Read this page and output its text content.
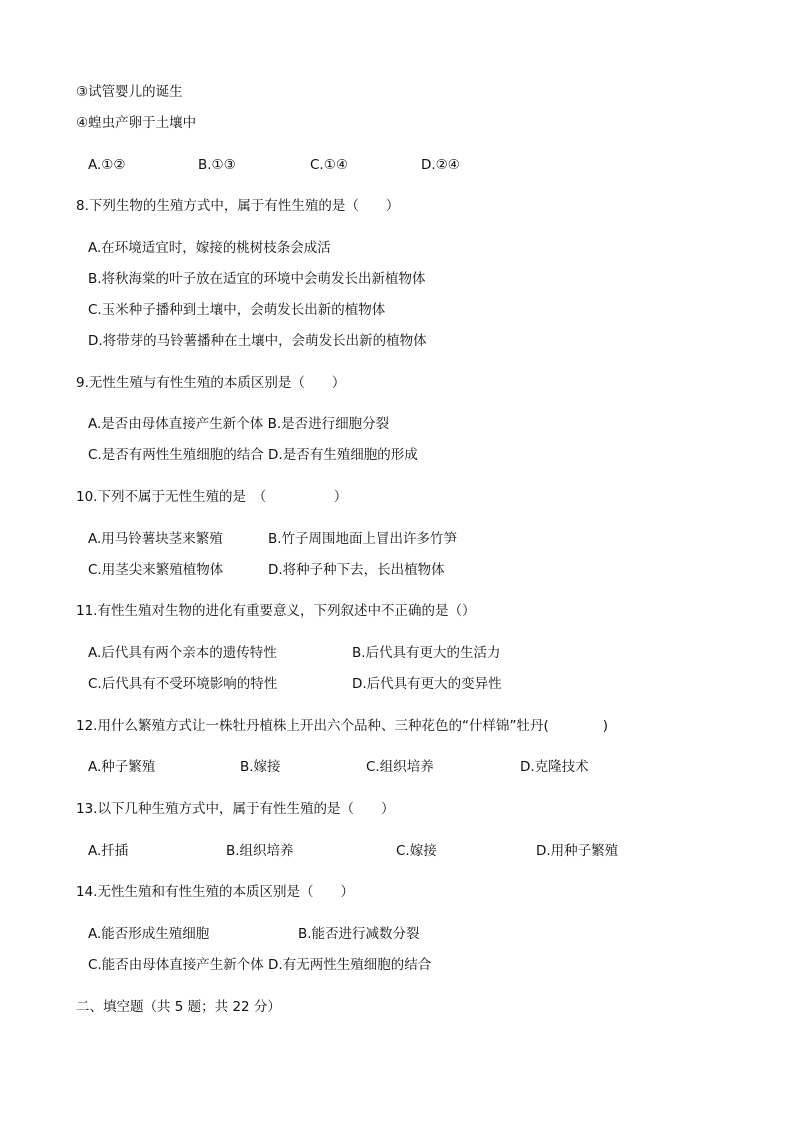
③试管婴儿的诞生
④蝗虫产卵于土壤中
A.①②	B.①③	C.①④	D.②④
8.下列生物的生殖方式中，属于有性生殖的是（　　）
A.在环境适宜时，嫁接的桃树枝条会成活
B.将秋海棠的叶子放在适宜的环境中会萌发长出新植物体
C.玉米种子播种到土壤中，会萌发长出新的植物体
D.将带芽的马铃薯播种在土壤中，会萌发长出新的植物体
9.无性生殖与有性生殖的本质区别是（　　）
A.是否由母体直接产生新个体 B.是否进行细胞分裂
C.是否有两性生殖细胞的结合 D.是否有生殖细胞的形成
10.下列不属于无性生殖的是　（　　　　　）
A.用马铃薯块茎来繁殖	B.竹子周围地面上冒出许多竹笋
C.用茎尖来繁殖植物体	D.将种子种下去，长出植物体
11.有性生殖对生物的进化有重要意义，下列叙述中不正确的是（）
A.后代具有两个亲本的遗传特性	B.后代具有更大的生活力
C.后代具有不受环境影响的特性	D.后代具有更大的变异性
12.用什么繁殖方式让一株牡丹植株上开出六个品种、三种花色的“什样锦”牡丹(　　　　)
A.种子繁殖	B.嫁接	C.组织培养	D.克隆技术
13.以下几种生殖方式中，属于有性生殖的是（　　）
A.扦插	B.组织培养	C.嫁接	D.用种子繁殖
14.无性生殖和有性生殖的本质区别是（　　）
A.能否形成生殖细胞	B.能否进行减数分裂
C.能否由母体直接产生新个体 D.有无两性生殖细胞的结合
二、填空题（共 5 题；共 22 分）
